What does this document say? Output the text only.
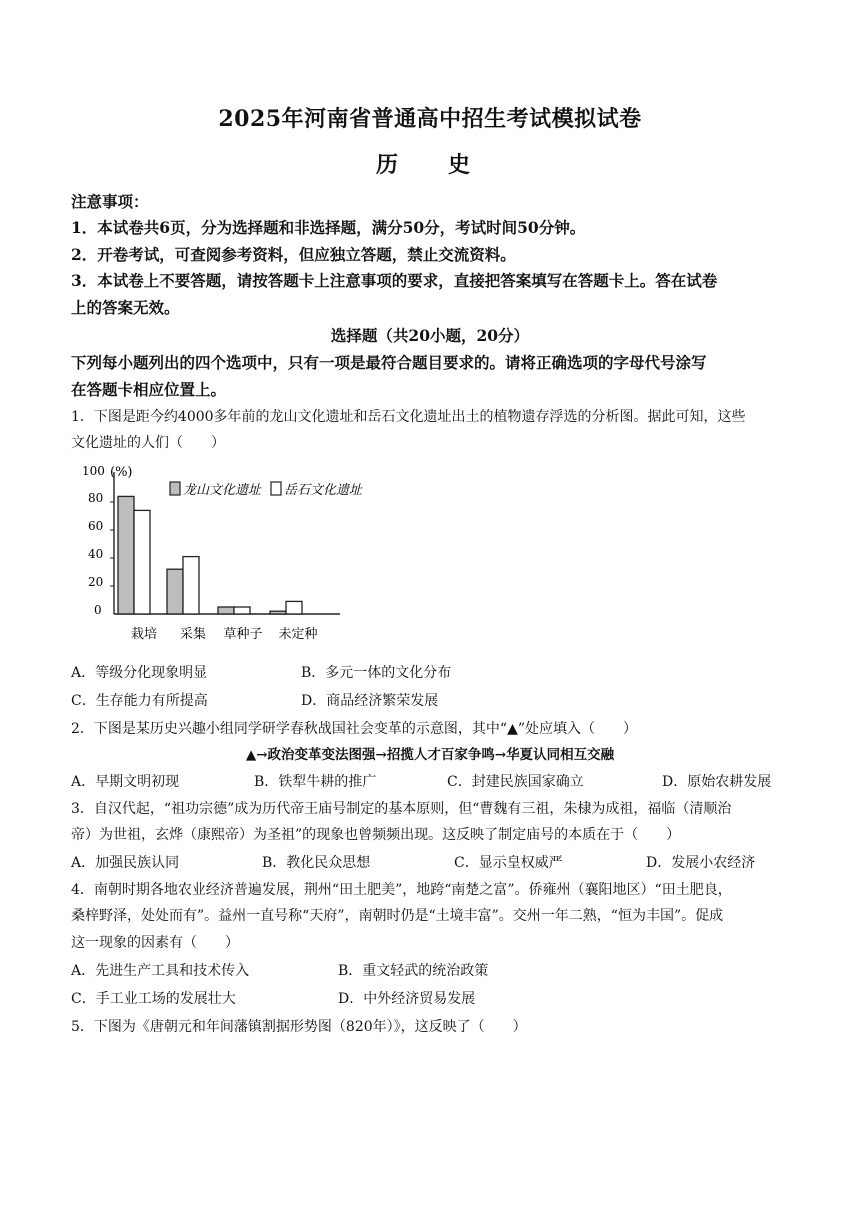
2025年河南省普通高中招生考试模拟试卷
历　史
注意事项：
1．本试卷共6页，分为选择题和非选择题，满分50分，考试时间50分钟。
2．开卷考试，可查阅参考资料，但应独立答题，禁止交流资料。
3．本试卷上不要答题，请按答题卡上注意事项的要求，直接把答案填写在答题卡上。答在试卷
上的答案无效。
选择题（共20小题，20分）
下列每小题列出的四个选项中，只有一项是最符合题目要求的。请将正确选项的字母代号涂写
在答题卡相应位置上。
1．下图是距今约4000多年前的龙山文化遗址和岳石文化遗址出土的植物遗存浮选的分析图。据此可知，这些
文化遗址的人们（　　）
100
80
60
40
20
0
(%)
龙山文化遗址 岳石文化遗址
栽培 采集 草种子 未定种
A．等级分化现象明显	B．多元一体的文化分布
C．生存能力有所提高	D．商品经济繁荣发展
2．下图是某历史兴趣小组同学研学春秋战国社会变革的示意图，其中“▲”处应填入（　　）
▲→政治变革变法图强→招揽人才百家争鸣→华夏认同相互交融
A．早期文明初现	B．铁犁牛耕的推广	C．封建民族国家确立	D．原始农耕发展
3．自汉代起，“祖功宗德”成为历代帝王庙号制定的基本原则，但“曹魏有三祖，朱棣为成祖，福临（清顺治
帝）为世祖，玄烨（康熙帝）为圣祖”的现象也曾频频出现。这反映了制定庙号的本质在于（　　）
A．加强民族认同	B．教化民众思想	C．显示皇权威严	D．发展小农经济
4．南朝时期各地农业经济普遍发展，荆州“田土肥美”，地跨“南楚之富”。侨雍州（襄阳地区）“田土肥良，
桑梓野泽，处处而有”。益州一直号称“天府”，南朝时仍是“土境丰富”。交州一年二熟，“恒为丰国”。促成
这一现象的因素有（　　）
A．先进生产工具和技术传入	B．重文轻武的统治政策
C．手工业工场的发展壮大	D．中外经济贸易发展
5．下图为《唐朝元和年间藩镇割据形势图（820年）》，这反映了（　　）
